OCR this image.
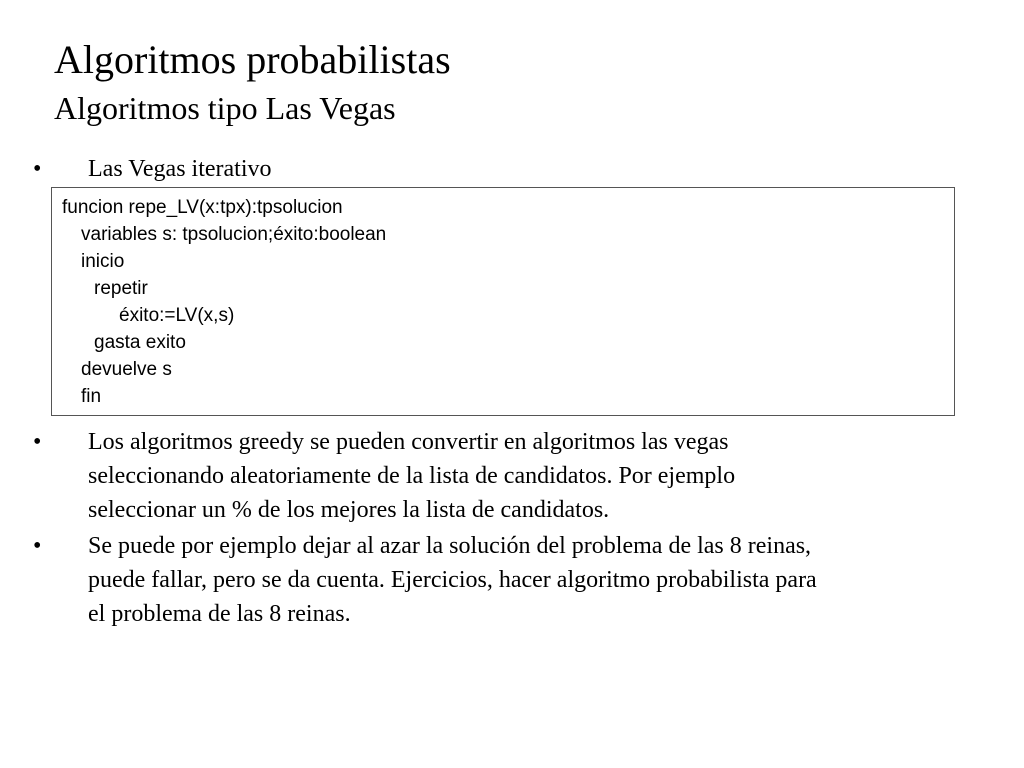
Algoritmos probabilistas
Algoritmos tipo Las Vegas
• Las Vegas iterativo
funcion repe_LV(x:tpx):tpsolucion
variables s: tpsolucion;éxito:boolean
inicio
repetir
éxito:=LV(x,s)
gasta exito
devuelve s
fin
• Los algoritmos greedy se pueden convertir en algoritmos las vegas
seleccionando aleatoriamente de la lista de candidatos. Por ejemplo
seleccionar un % de los mejores la lista de candidatos.
• Se puede por ejemplo dejar al azar la solución del problema de las 8 reinas,
puede fallar, pero se da cuenta. Ejercicios, hacer algoritmo probabilista para
el problema de las 8 reinas.
